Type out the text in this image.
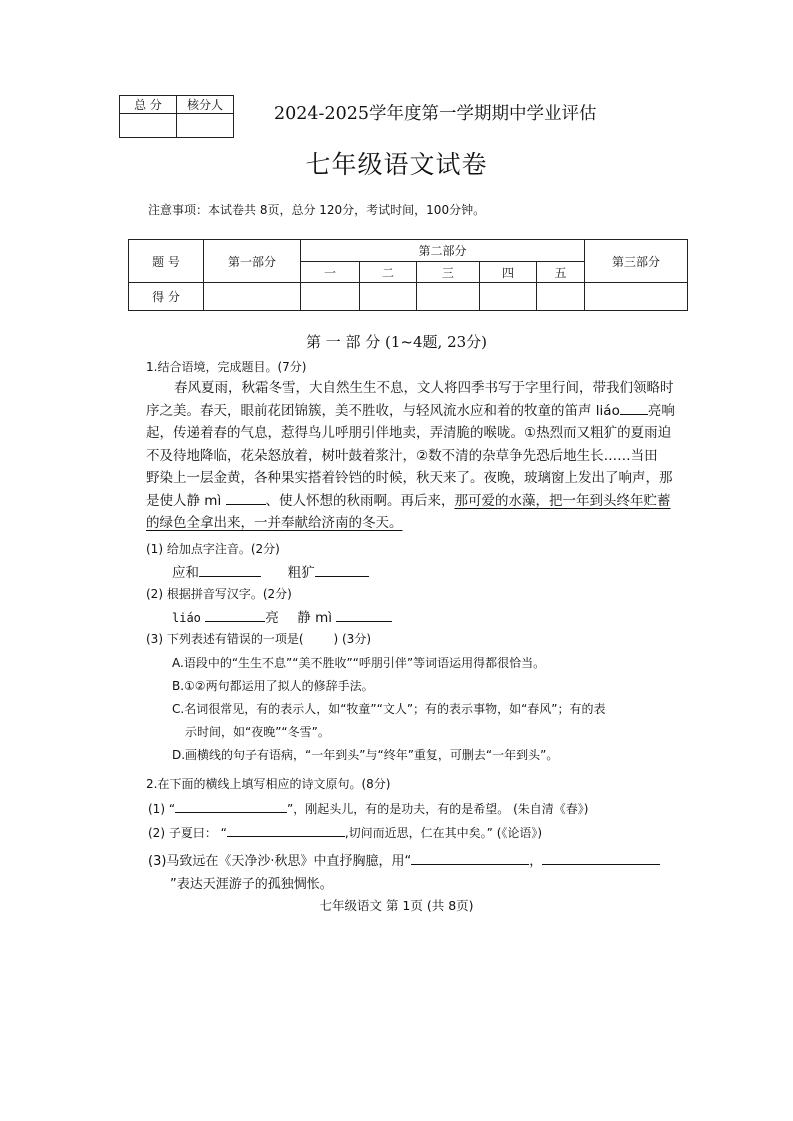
总 分	核分人
		2024-2025学年度第一学期期中学业评估
七年级语文试卷
注意事项：本试卷共 8页，总分 120分，考试时间，100分钟。
题 号	第一部分	第二部分					第三部分
		一	二	三	四	五	
得 分							
第 一 部 分 (1~4题, 23分)
1.结合语境，完成题目。(7分)
春风夏雨，秋霜冬雪，大自然生生不息，文人将四季书写于字里行间，带我们领略时
序之美。春天，眼前花团锦簇，美不胜收，与轻风流水应和着的牧童的笛声 liáo 亮响
起，传递着春的气息，惹得鸟儿呼朋引伴地卖，弄清脆的喉咙。①热烈而又粗犷的夏雨迫
不及待地降临，花朵怒放着，树叶鼓着浆汁，②数不清的杂草争先恐后地生长……当田
野染上一层金黄，各种果实搭着铃铛的时候，秋天来了。夜晚，玻璃窗上发出了响声，那
是使人静 mì	、使人怀想的秋雨啊。再后来，那可爱的水藻，把一年到头终年贮蓄
的绿色全拿出来，一并奉献给济南的冬天。
(1) 给加点字注音。(2分)
应和	粗犷
(2) 根据拼音写汉字。(2分)
liáo	亮 静 mì
(3) 下列表述有错误的一项是(	) (3分)
A.语段中的“生生不息”“美不胜收”“呼朋引伴”等词语运用得都很恰当。
B.①②两句都运用了拟人的修辞手法。
C.名词很常见，有的表示人，如“牧童”“文人”；有的表示事物，如“春风”；有的表
示时间，如“夜晚”“冬雪”。
D.画横线的句子有语病，“一年到头”与“终年”重复，可删去“一年到头”。
2.在下面的横线上填写相应的诗文原句。(8分)
(1) “	”，刚起头儿，有的是功夫，有的是希望。 (朱自清《春》)
(2) 子夏曰： “	,切问而近思，仁在其中矣。” (《论语》)
(3)马致远在《天净沙·秋思》中直抒胸臆，用“	，
”表达天涯游子的孤独惆怅。
七年级语文 第 1页 (共 8页)
